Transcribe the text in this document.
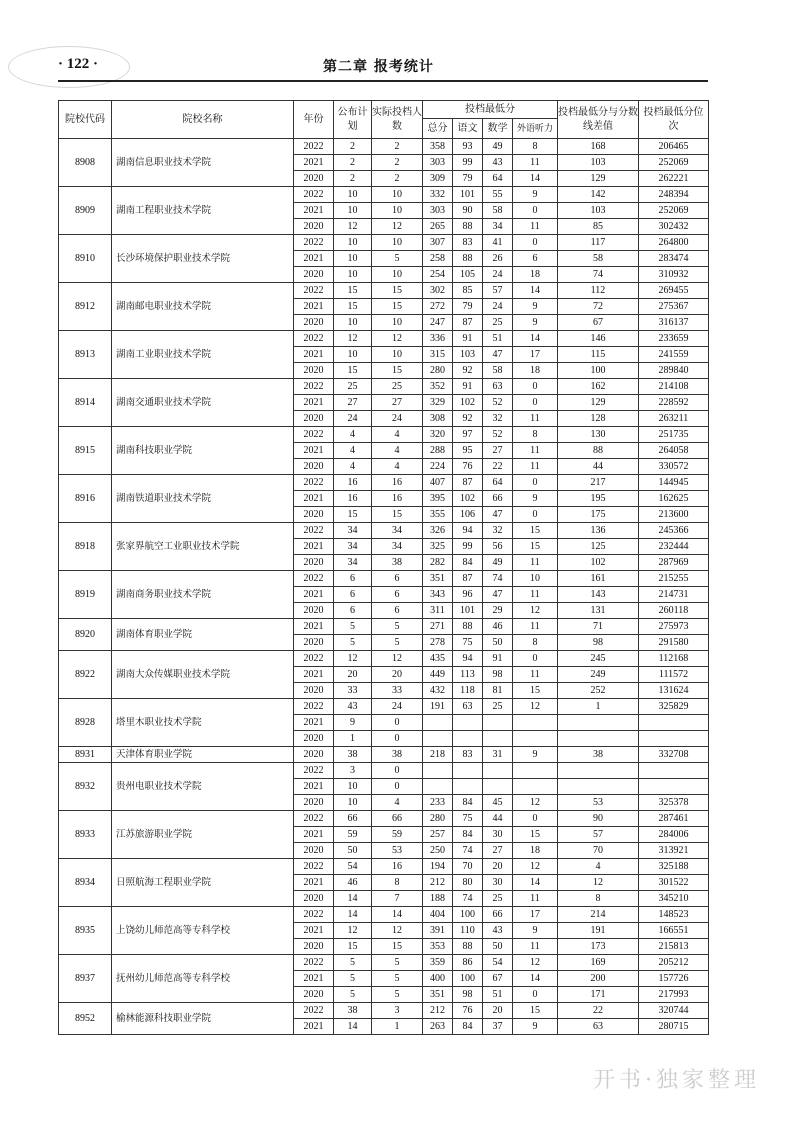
· 122 ·	第二章 报考统计
院校代码	院校名称	年份	公布计划	实际投档人数	投档最低分				投档最低分与分数线差值	投档最低分位次
					总分	语文	数学	外语听力		
8908	湖南信息职业技术学院	2022	2	2	358	93	49	8	168	206465
		2021	2	2	303	99	43	11	103	252069
		2020	2	2	309	79	64	14	129	262221
8909	湖南工程职业技术学院	2022	10	10	332	101	55	9	142	248394
		2021	10	10	303	90	58	0	103	252069
		2020	12	12	265	88	34	11	85	302432
8910	长沙环境保护职业技术学院	2022	10	10	307	83	41	0	117	264800
		2021	10	5	258	88	26	6	58	283474
		2020	10	10	254	105	24	18	74	310932
8912	湖南邮电职业技术学院	2022	15	15	302	85	57	14	112	269455
		2021	15	15	272	79	24	9	72	275367
		2020	10	10	247	87	25	9	67	316137
8913	湖南工业职业技术学院	2022	12	12	336	91	51	14	146	233659
		2021	10	10	315	103	47	17	115	241559
		2020	15	15	280	92	58	18	100	289840
8914	湖南交通职业技术学院	2022	25	25	352	91	63	0	162	214108
		2021	27	27	329	102	52	0	129	228592
		2020	24	24	308	92	32	11	128	263211
8915	湖南科技职业学院	2022	4	4	320	97	52	8	130	251735
		2021	4	4	288	95	27	11	88	264058
		2020	4	4	224	76	22	11	44	330572
8916	湖南铁道职业技术学院	2022	16	16	407	87	64	0	217	144945
		2021	16	16	395	102	66	9	195	162625
		2020	15	15	355	106	47	0	175	213600
8918	张家界航空工业职业技术学院	2022	34	34	326	94	32	15	136	245366
		2021	34	34	325	99	56	15	125	232444
		2020	34	38	282	84	49	11	102	287969
8919	湖南商务职业技术学院	2022	6	6	351	87	74	10	161	215255
		2021	6	6	343	96	47	11	143	214731
		2020	6	6	311	101	29	12	131	260118
8920	湖南体育职业学院	2021	5	5	271	88	46	11	71	275973
		2020	5	5	278	75	50	8	98	291580
8922	湖南大众传媒职业技术学院	2022	12	12	435	94	91	0	245	112168
		2021	20	20	449	113	98	11	249	111572
		2020	33	33	432	118	81	15	252	131624
8928	塔里木职业技术学院	2022	43	24	191	63	25	12	1	325829
		2021	9	0						
		2020	1	0						
8931	天津体育职业学院	2020	38	38	218	83	31	9	38	332708
8932	贵州电职业技术学院	2022	3	0						
		2021	10	0						
		2020	10	4	233	84	45	12	53	325378
8933	江苏旅游职业学院	2022	66	66	280	75	44	0	90	287461
		2021	59	59	257	84	30	15	57	284006
		2020	50	53	250	74	27	18	70	313921
8934	日照航海工程职业学院	2022	54	16	194	70	20	12	4	325188
		2021	46	8	212	80	30	14	12	301522
		2020	14	7	188	74	25	11	8	345210
8935	上饶幼儿师范高等专科学校	2022	14	14	404	100	66	17	214	148523
		2021	12	12	391	110	43	9	191	166551
		2020	15	15	353	88	50	11	173	215813
8937	抚州幼儿师范高等专科学校	2022	5	5	359	86	54	12	169	205212
		2021	5	5	400	100	67	14	200	157726
		2020	5	5	351	98	51	0	171	217993
8952	榆林能源科技职业学院	2022	38	3	212	76	20	15	22	320744
		2021	14	1	263	84	37	9	63	280715
开书·独家整理
